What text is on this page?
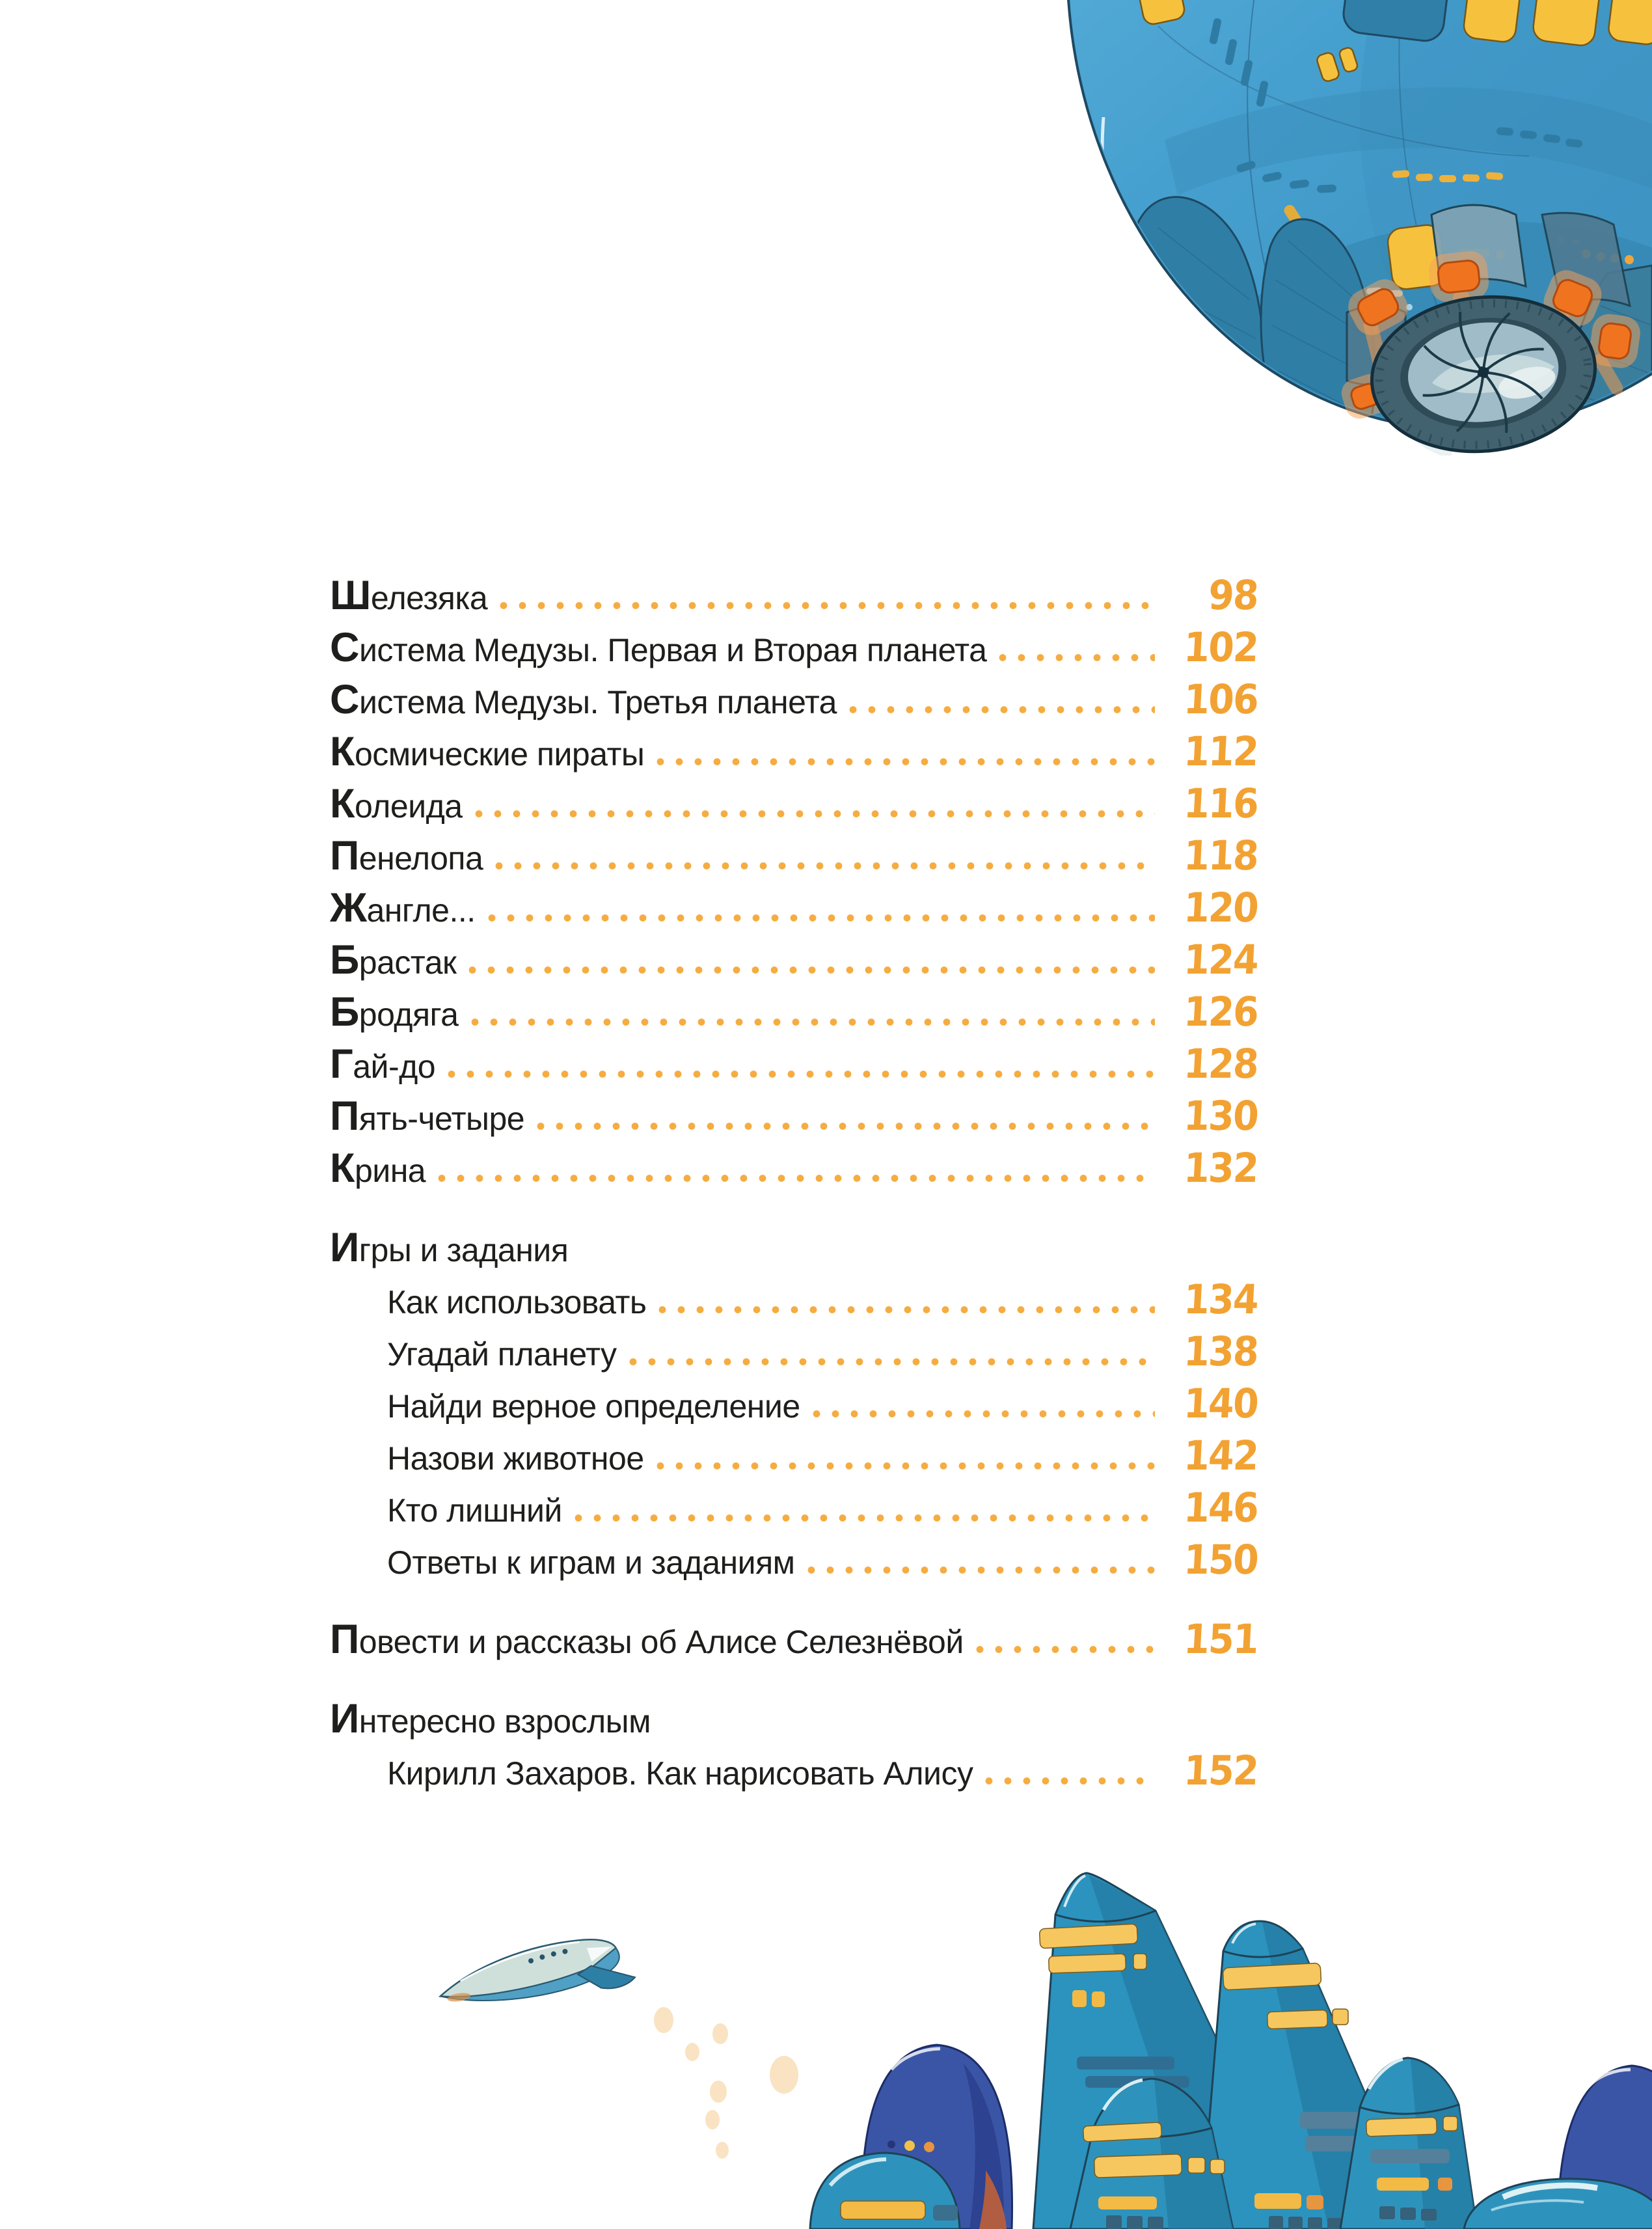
Шелезяка	98
Система Медузы. Первая и Вторая планета	102
Система Медузы. Третья планета	106
Космические пираты	112
Колеида	116
Пенелопа	118
Жангле...	120
Брастак	124
Бродяга	126
Гай-до	128
Пять-четыре	130
Крина	132
Игры и задания
Как использовать	134
Угадай планету	138
Найди верное определение	140
Назови животное	142
Кто лишний	146
Ответы к играм и заданиям	150
Повести и рассказы об Алисе Селезнёвой	151
Интересно взрослым
Кирилл Захаров. Как нарисовать Алису	152
